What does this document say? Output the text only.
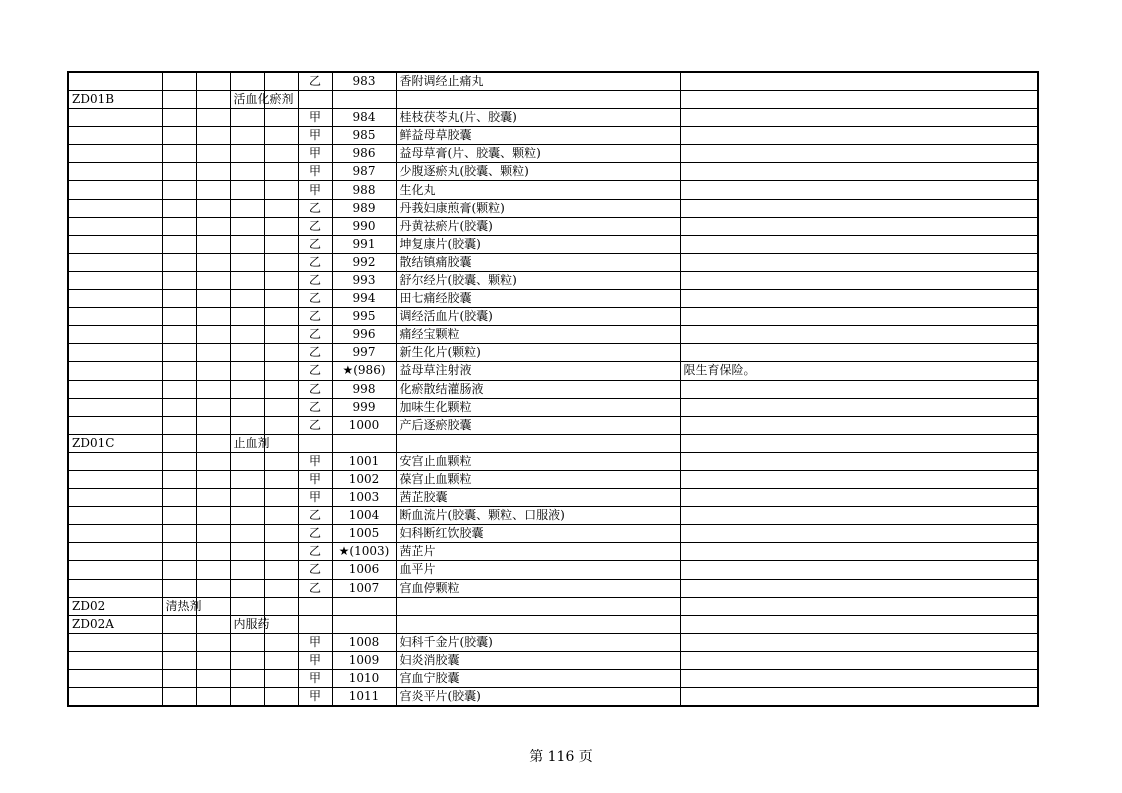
					乙	983	香附调经止痛丸	
ZD01B			活血化瘀剂					
					甲	984	桂枝茯苓丸(片、胶囊)	
					甲	985	鲜益母草胶囊	
					甲	986	益母草膏(片、胶囊、颗粒)	
					甲	987	少腹逐瘀丸(胶囊、颗粒)	
					甲	988	生化丸	
					乙	989	丹莪妇康煎膏(颗粒)	
					乙	990	丹黄祛瘀片(胶囊)	
					乙	991	坤复康片(胶囊)	
					乙	992	散结镇痛胶囊	
					乙	993	舒尔经片(胶囊、颗粒)	
					乙	994	田七痛经胶囊	
					乙	995	调经活血片(胶囊)	
					乙	996	痛经宝颗粒	
					乙	997	新生化片(颗粒)	
					乙	★(986)	益母草注射液	限生育保险。
					乙	998	化瘀散结灌肠液	
					乙	999	加味生化颗粒	
					乙	1000	产后逐瘀胶囊	
ZD01C			止血剂					
					甲	1001	安宫止血颗粒	
					甲	1002	葆宫止血颗粒	
					甲	1003	茜芷胶囊	
					乙	1004	断血流片(胶囊、颗粒、口服液)	
					乙	1005	妇科断红饮胶囊	
					乙	★(1003)	茜芷片	
					乙	1006	血平片	
					乙	1007	宫血停颗粒	
ZD02	清热剂							
ZD02A			内服药					
					甲	1008	妇科千金片(胶囊)	
					甲	1009	妇炎消胶囊	
					甲	1010	宫血宁胶囊	
					甲	1011	宫炎平片(胶囊)	
第 116 页
